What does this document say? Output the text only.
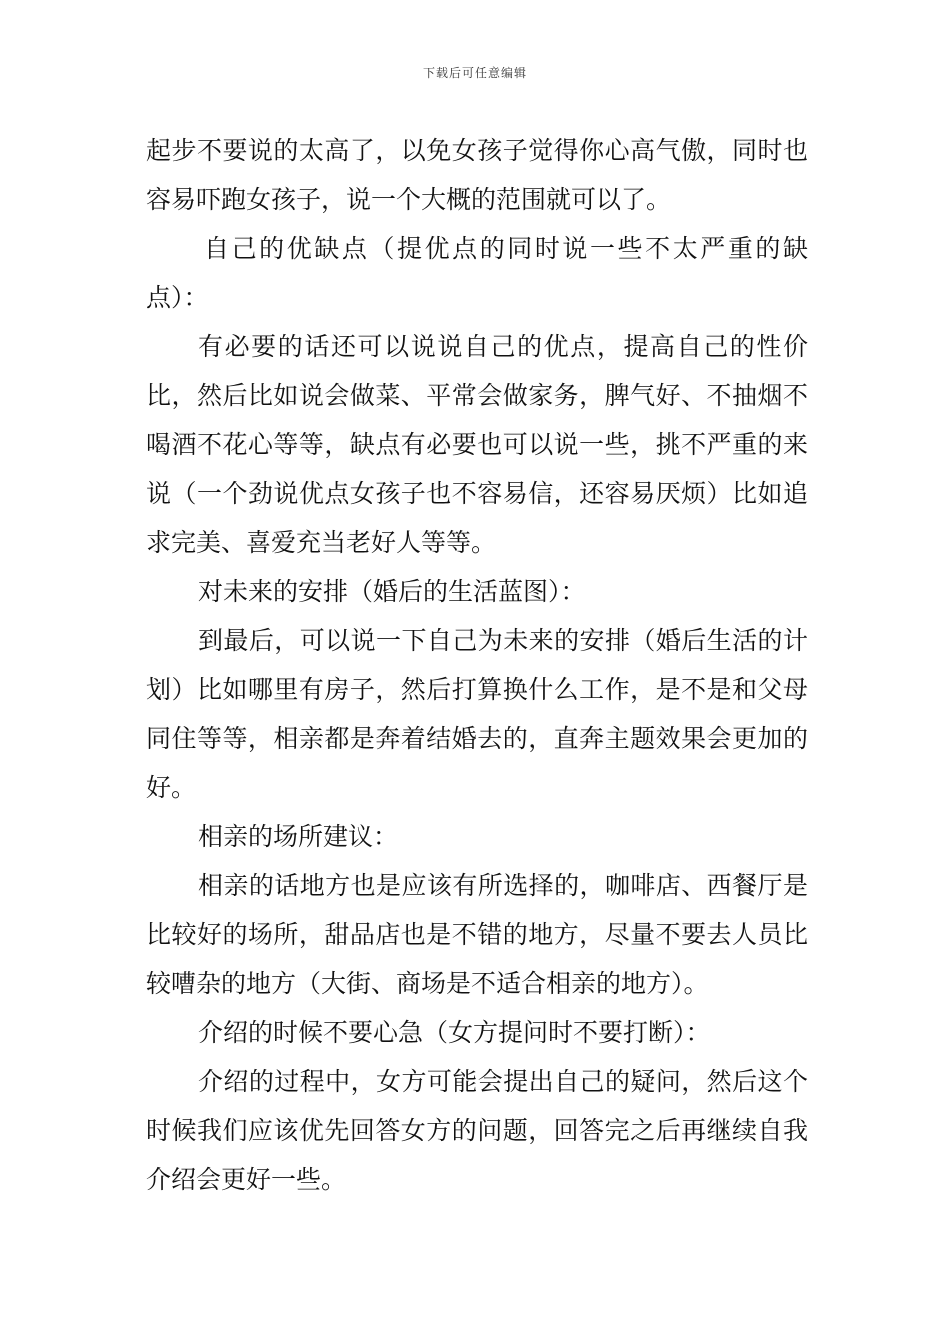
下载后可任意编辑

起步不要说的太高了，以免女孩子觉得你心高气傲，同时也容易吓跑女孩子，说一个大概的范围就可以了。

自己的优缺点（提优点的同时说一些不太严重的缺点）：

有必要的话还可以说说自己的优点，提高自己的性价比，然后比如说会做菜、平常会做家务，脾气好、不抽烟不喝酒不花心等等，缺点有必要也可以说一些，挑不严重的来说（一个劲说优点女孩子也不容易信，还容易厌烦）比如追求完美、喜爱充当老好人等等。

对未来的安排（婚后的生活蓝图）：

到最后，可以说一下自己为未来的安排（婚后生活的计划）比如哪里有房子，然后打算换什么工作，是不是和父母同住等等，相亲都是奔着结婚去的，直奔主题效果会更加的好。

相亲的场所建议：

相亲的话地方也是应该有所选择的，咖啡店、西餐厅是比较好的场所，甜品店也是不错的地方，尽量不要去人员比较嘈杂的地方（大街、商场是不适合相亲的地方）。

介绍的时候不要心急（女方提问时不要打断）：

介绍的过程中，女方可能会提出自己的疑问，然后这个时候我们应该优先回答女方的问题，回答完之后再继续自我介绍会更好一些。
